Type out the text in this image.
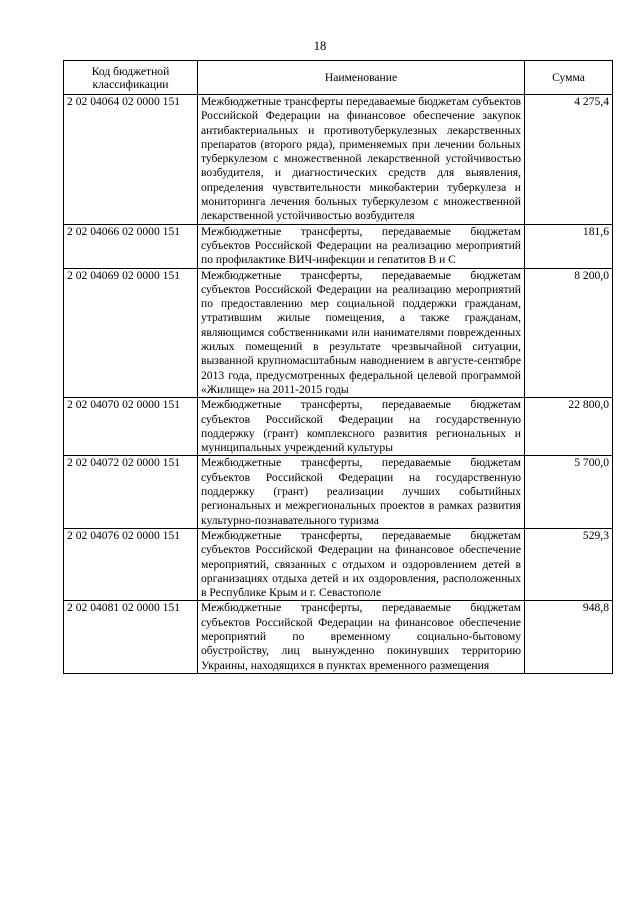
18
Код бюджетной классификации	Наименование	Сумма
2 02 04064 02 0000 151	Межбюджетные трансферты передаваемые бюджетам субъектов Российской Федерации на финансовое обеспечение закупок антибактериальных и противотуберкулезных лекарственных препаратов (второго ряда), применяемых при лечении больных туберкулезом с множественной лекарственной устойчивостью возбудителя, и диагностических средств для выявления, определения чувствительности микобактерии туберкулеза и мониторинга лечения больных туберкулезом с множественной лекарственной устойчивостью возбудителя	4 275,4
2 02 04066 02 0000 151	Межбюджетные трансферты, передаваемые бюджетам субъектов Российской Федерации на реализацию мероприятий по профилактике ВИЧ-инфекции и гепатитов B и C	181,6
2 02 04069 02 0000 151	Межбюджетные трансферты, передаваемые бюджетам субъектов Российской Федерации на реализацию мероприятий по предоставлению мер социальной поддержки гражданам, утратившим жилые помещения, а также гражданам, являющимся собственниками или нанимателями поврежденных жилых помещений в результате чрезвычайной ситуации, вызванной крупномасштабным наводнением в августе-сентябре 2013 года, предусмотренных федеральной целевой программой «Жилище» на 2011-2015 годы	8 200,0
2 02 04070 02 0000 151	Межбюджетные трансферты, передаваемые бюджетам субъектов Российской Федерации на государственную поддержку (грант) комплексного развития региональных и муниципальных учреждений культуры	22 800,0
2 02 04072 02 0000 151	Межбюджетные трансферты, передаваемые бюджетам субъектов Российской Федерации на государственную поддержку (грант) реализации лучших событийных региональных и межрегиональных проектов в рамках развития культурно-познавательного туризма	5 700,0
2 02 04076 02 0000 151	Межбюджетные трансферты, передаваемые бюджетам субъектов Российской Федерации на финансовое обеспечение мероприятий, связанных с отдыхом и оздоровлением детей в организациях отдыха детей и их оздоровления, расположенных в Республике Крым и г. Севастополе	529,3
2 02 04081 02 0000 151	Межбюджетные трансферты, передаваемые бюджетам субъектов Российской Федерации на финансовое обеспечение мероприятий по временному социально-бытовому обустройству, лиц вынужденно покинувших территорию Украины, находящихся в пунктах временного размещения	948,8
